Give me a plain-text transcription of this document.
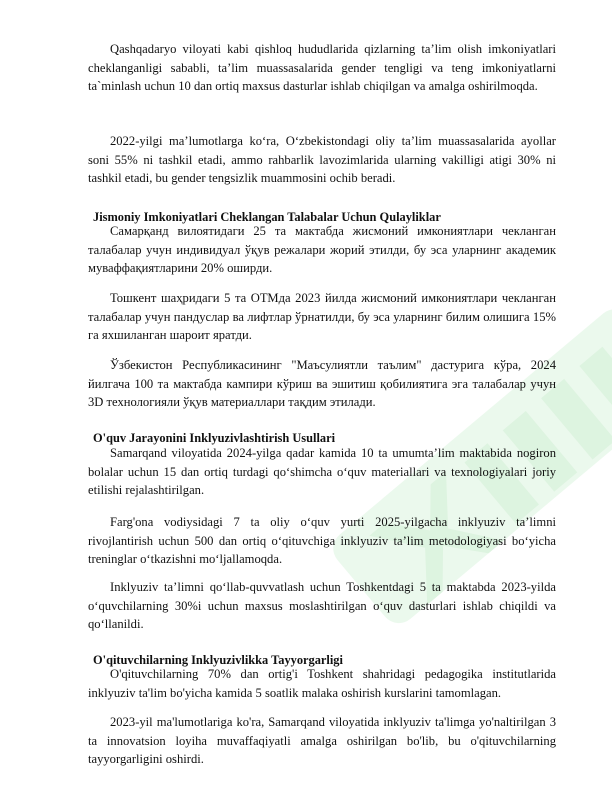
Qashqadaryo viloyati kabi qishloq hududlarida qizlarning ta’lim olish imkoniyatlari cheklanganligi sababli, ta’lim muassasalarida gender tengligi va teng imkoniyatlarni ta`minlash uchun 10 dan ortiq maxsus dasturlar ishlab chiqilgan va amalga oshirilmoqda.

2022-yilgi ma’lumotlarga ko‘ra, O‘zbekistondagi oliy ta’lim muassasalarida ayollar soni 55% ni tashkil etadi, ammo rahbarlik lavozimlarida ularning vakilligi atigi 30% ni tashkil etadi, bu gender tengsizlik muammosini ochib beradi.

Jismoniy Imkoniyatlari Cheklangan Talabalar Uchun Qulayliklar

Самарқанд вилоятидаги 25 та мактабда жисмоний имкониятлари чекланган талабалар учун индивидуал ўқув режалари жорий этилди, бу эса уларнинг академик муваффақиятларини 20% оширди.

Тошкент шаҳридаги 5 та ОТМда 2023 йилда жисмоний имкониятлари чекланган талабалар учун пандуслар ва лифтлар ўрнатилди, бу эса уларнинг билим олишига 15% га яхшиланган шароит яратди.

Ўзбекистон Республикасининг "Маъсулиятли таълим" дастурига кўра, 2024 йилгача 100 та мактабда кампири кўриш ва эшитиш қобилиятига эга талабалар учун 3D технологияли ўқув материаллари тақдим этилади.

O'quv Jarayonini Inklyuzivlashtirish Usullari

Samarqand viloyatida 2024-yilga qadar kamida 10 ta umumta’lim maktabida nogiron bolalar uchun 15 dan ortiq turdagi qo‘shimcha o‘quv materiallari va texnologiyalari joriy etilishi rejalashtirilgan.

Farg'ona vodiysidagi 7 ta oliy o‘quv yurti 2025-yilgacha inklyuziv ta’limni rivojlantirish uchun 500 dan ortiq o‘qituvchiga inklyuziv ta’lim metodologiyasi bo‘yicha treninglar o‘tkazishni mo‘ljallamoqda.

Inklyuziv ta’limni qo‘llab-quvvatlash uchun Toshkentdagi 5 ta maktabda 2023-yilda o‘quvchilarning 30%i uchun maxsus moslashtirilgan o‘quv dasturlari ishlab chiqildi va qo‘llanildi.

O'qituvchilarning Inklyuzivlikka Tayyorgarligi

O'qituvchilarning 70% dan ortig'i Toshkent shahridagi pedagogika institutlarida inklyuziv ta'lim bo'yicha kamida 5 soatlik malaka oshirish kurslarini tamomlagan.

2023-yil ma'lumotlariga ko'ra, Samarqand viloyatida inklyuziv ta'limga yo'naltirilgan 3 ta innovatsion loyiha muvaffaqiyatli amalga oshirilgan bo'lib, bu o'qituvchilarning tayyorgarligini oshirdi.
